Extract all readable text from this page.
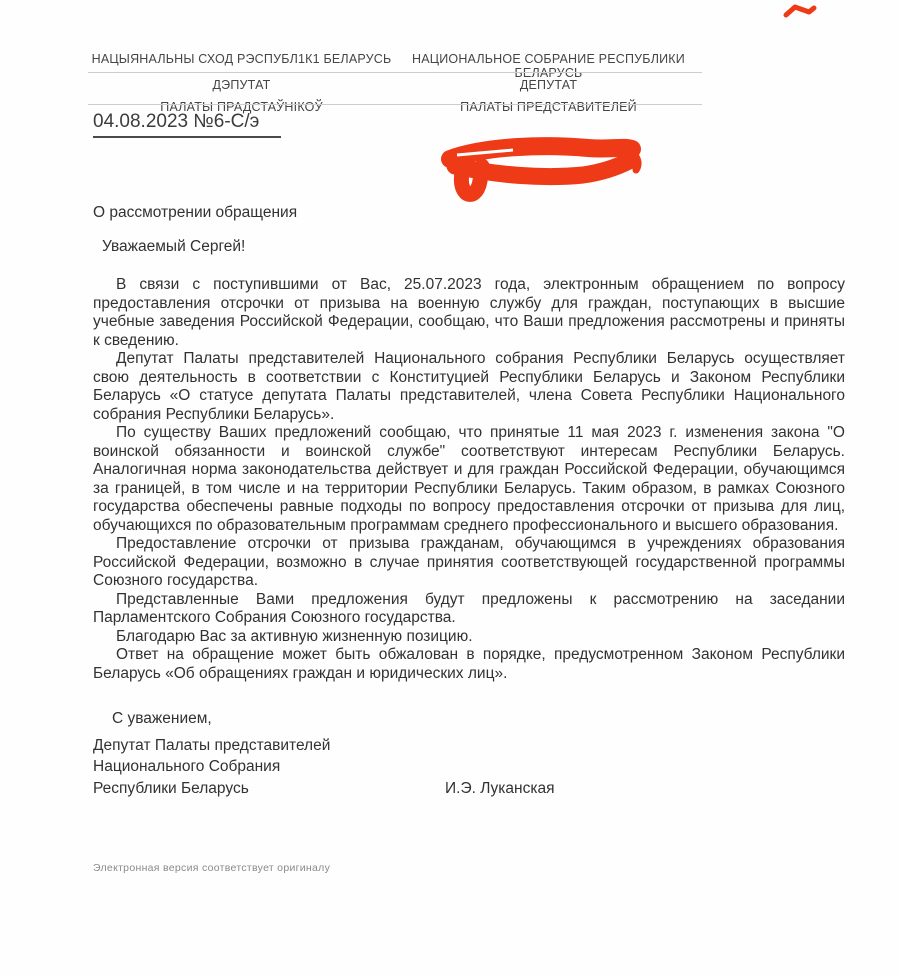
НАЦЫЯНАЛЬНЫ СХОД РЭСПУБЛ1К1 БЕЛАРУСЬ
ДЭПУТАТ
ПАЛАТЫ ПРАДСТАЎНІКОЎ
НАЦИОНАЛЬНОЕ СОБРАНИЕ РЕСПУБЛИКИ БЕЛАРУСЬ
ДЕПУТАТ
ПАЛАТЫ ПРЕДСТАВИТЕЛЕЙ
04.08.2023 №6-С/э

О рассмотрении обращения

Уважаемый Сергей!

В связи с поступившими от Вас, 25.07.2023 года, электронным обращением по вопросу предоставления отсрочки от призыва на военную службу для граждан, поступающих в высшие учебные заведения Российской Федерации, сообщаю, что Ваши предложения рассмотрены и приняты к сведению.

Депутат Палаты представителей Национального собрания Республики Беларусь осуществляет свою деятельность в соответствии с Конституцией Республики Беларусь и Законом Республики Беларусь «О статусе депутата Палаты представителей, члена Совета Республики Национального собрания Республики Беларусь».

По существу Ваших предложений сообщаю, что принятые 11 мая 2023 г. изменения закона "О воинской обязанности и воинской службе" соответствуют интересам Республики Беларусь. Аналогичная норма законодательства действует и для граждан Российской Федерации, обучающимся за границей, в том числе и на территории Республики Беларусь. Таким образом, в рамках Союзного государства обеспечены равные подходы по вопросу предоставления отсрочки от призыва для лиц, обучающихся по образовательным программам среднего профессионального и высшего образования.

Предоставление отсрочки от призыва гражданам, обучающимся в учреждениях образования Российской Федерации, возможно в случае принятия соответствующей государственной программы Союзного государства.

Представленные Вами предложения будут предложены к рассмотрению на заседании Парламентского Собрания Союзного государства.

Благодарю Вас за активную жизненную позицию.

Ответ на обращение может быть обжалован в порядке, предусмотренном Законом Республики Беларусь «Об обращениях граждан и юридических лиц».

С уважением,

Депутат Палаты представителей
Национального Собрания
Республики Беларусь	И.Э. Луканская
Электронная версия соответствует оригиналу
